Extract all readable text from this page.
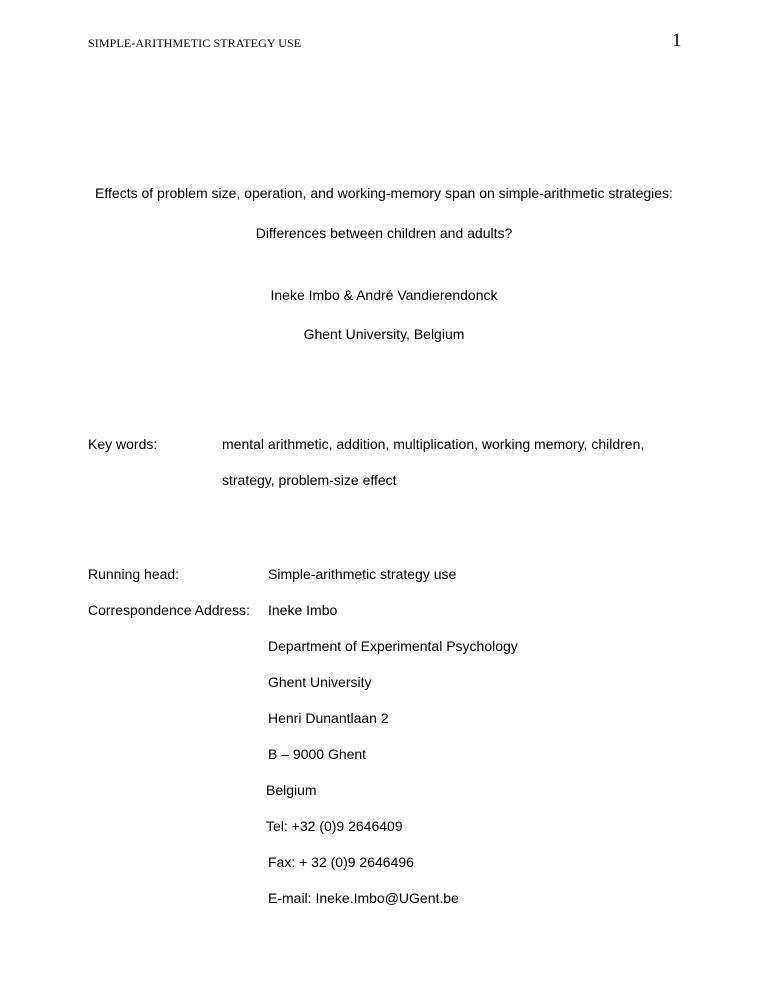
SIMPLE-ARITHMETIC STRATEGY USE	1
Effects of problem size, operation, and working-memory span on simple-arithmetic strategies:
Differences between children and adults?
Ineke Imbo & André Vandierendonck
Ghent University, Belgium
Key words:	mental arithmetic, addition, multiplication, working memory, children,
strategy, problem-size effect
Running head:	Simple-arithmetic strategy use
Correspondence Address: Ineke Imbo
Department of Experimental Psychology
Ghent University
Henri Dunantlaan 2
B – 9000 Ghent
Belgium
Tel: +32 (0)9 2646409
Fax: + 32 (0)9 2646496
E-mail: Ineke.Imbo@UGent.be
